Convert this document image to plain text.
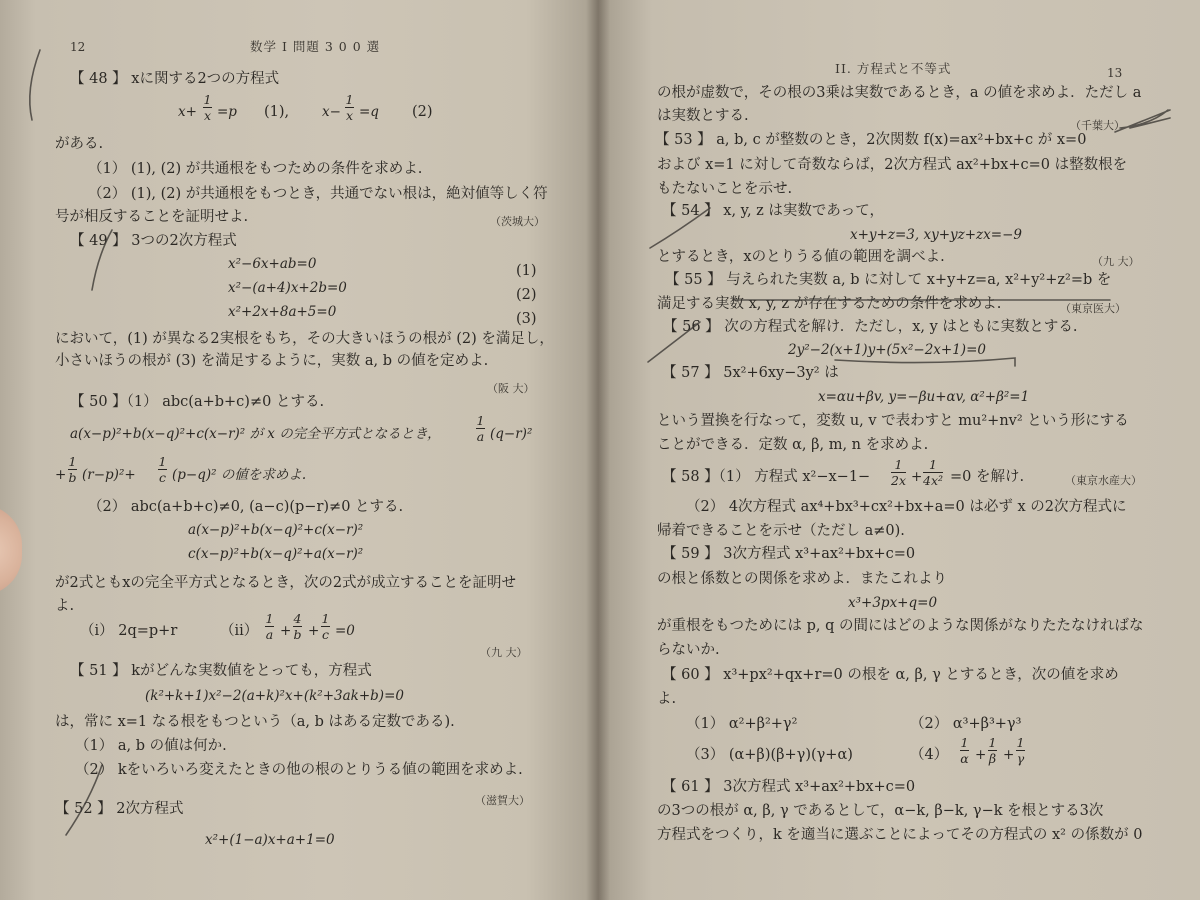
12	数学 I 問題 3 0 0 選
【 48 】 xに関する2つの方程式
x+
1
x =p (1), x−
1
x =q (2)
がある.
（1） (1), (2) が共通根をもつための条件を求めよ.
（2） (1), (2) が共通根をもつとき，共通でない根は，絶対値等しく符
号が相反することを証明せよ.	（茨城大）
【 49 】 3つの2次方程式
x²−6x+ab=0	(1)
x²−(a+4)x+2b=0	(2)
x²+2x+8a+5=0	(3)
において，(1) が異なる2実根をもち，その大きいほうの根が (2) を満足し，
小さいほうの根が (3) を満足するように，実数 a, b の値を定めよ.
（阪 大）
【 50 】（1） abc(a+b+c)≠0 とする.
a(x−p)²+b(x−q)²+c(x−r)² が x の完全平方式となるとき，
1
a (q−r)²
+
1
b (r−p)²+
1
c (p−q)² の値を求めよ.
（2） abc(a+b+c)≠0, (a−c)(p−r)≠0 とする.
a(x−p)²+b(x−q)²+c(x−r)²
c(x−p)²+b(x−q)²+a(x−r)²
が2式ともxの完全平方式となるとき，次の2式が成立することを証明せ
よ.
（i） 2q=p+r	（ii）
1
a +
4
b +
1
c =0
（九 大）
【 51 】 kがどんな実数値をとっても，方程式
(k²+k+1)x²−2(a+k)²x+(k²+3ak+b)=0
は，常に x=1 なる根をもつという（a, b はある定数である).
（1） a, b の値は何か.
（2） kをいろいろ変えたときの他の根のとりうる値の範囲を求めよ.
（滋賀大）
【 52 】 2次方程式
x²+(1−a)x+a+1=0
II. 方程式と不等式	13
の根が虚数で，その根の3乗は実数であるとき，a の値を求めよ．ただし a
は実数とする.
（千葉大）
【 53 】 a, b, c が整数のとき，2次関数 f(x)=ax²+bx+c が x=0
および x=1 に対して奇数ならば，2次方程式 ax²+bx+c=0 は整数根を
もたないことを示せ.
【 54 】 x, y, z は実数であって，
x+y+z=3, xy+yz+zx=−9
とするとき，xのとりうる値の範囲を調べよ.	（九 大）
【 55 】 与えられた実数 a, b に対して x+y+z=a, x²+y²+z²=b を
満足する実数 x, y, z が存在するための条件を求めよ.	（東京医大）
【 56 】 次の方程式を解け．ただし，x, y はともに実数とする.
2y²−2(x+1)y+(5x²−2x+1)=0
【 57 】 5x²+6xy−3y² は
x=αu+βv, y=−βu+αv, α²+β²=1
という置換を行なって，変数 u, v で表わすと mu²+nv² という形にする
ことができる．定数 α, β, m, n を求めよ.
【 58 】（1） 方程式 x²−x−1−
1
2x +
1
4x² =0 を解け.	（東京水産大）
（2） 4次方程式 ax⁴+bx³+cx²+bx+a=0 は必ず x の2次方程式に
帰着できることを示せ（ただし a≠0).
【 59 】 3次方程式 x³+ax²+bx+c=0
の根と係数との関係を求めよ．またこれより
x³+3px+q=0
が重根をもつためには p, q の間にはどのような関係がなりたたなければな
らないか.
【 60 】 x³+px²+qx+r=0 の根を α, β, γ とするとき，次の値を求め
よ.
（1） α²+β²+γ²	（2） α³+β³+γ³
（3） (α+β)(β+γ)(γ+α)	（4）
1
α +
1
β +
1
γ
【 61 】 3次方程式 x³+ax²+bx+c=0
の3つの根が α, β, γ であるとして，α−k, β−k, γ−k を根とする3次
方程式をつくり，k を適当に選ぶことによってその方程式の x² の係数が 0
